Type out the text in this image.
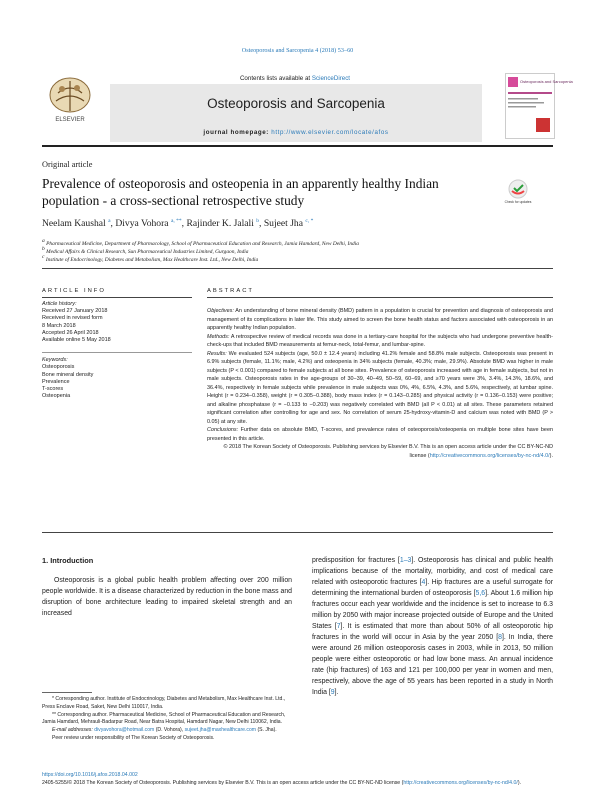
Osteoporosis and Sarcopenia 4 (2018) 53–60
ELSEVIER
Contents lists available at ScienceDirect
Osteoporosis and Sarcopenia
journal homepage: http://www.elsevier.com/locate/afos
Osteoporosis and Sarcopenia
Original article
Prevalence of osteoporosis and osteopenia in an apparently healthy Indian population - a cross-sectional retrospective study	Check for updates
Neelam Kaushal $^a$, Divya Vohora $^{a, **}$, Rajinder K. Jalali $^b$, Sujeet Jha $^{c, *}$
$^a$ Pharmaceutical Medicine, Department of Pharmacology, School of Pharmaceutical Education and Research, Jamia Hamdard, New Delhi, India
$^b$ Medical Affairs & Clinical Research, Sun Pharmaceutical Industries Limited, Gurgaon, India
$^c$ Institute of Endocrinology, Diabetes and Metabolism, Max Healthcare Inst. Ltd., New Delhi, India
ARTICLE INFO
Article history:
Received 27 January 2018
Received in revised form
8 March 2018
Accepted 26 April 2018
Available online 5 May 2018
Keywords:
Osteoporosis
Bone mineral density
Prevalence
T-scores
Osteopenia
ABSTRACT

Objectives: An understanding of bone mineral density (BMD) pattern in a population is crucial for prevention and diagnosis of osteoporosis and management of its complications in later life. This study aimed to screen the bone health status and factors associated with osteoporosis in an apparently healthy Indian population.

Methods: A retrospective review of medical records was done in a tertiary-care hospital for the subjects who had undergone preventive health-check-ups that included BMD measurements at femur-neck, total-femur, and lumbar-spine.

Results: We evaluated 524 subjects (age, 50.0 ± 12.4 years) including 41.2% female and 58.8% male subjects. Osteoporosis was present in 6.9% subjects (female, 11.1%; male, 4.2%) and osteopenia in 34% subjects (female, 40.3%; male, 29.9%). Absolute BMD was higher in male subjects (P < 0.001) compared to female subjects at all bone sites. Prevalence of osteoporosis increased with age in female subjects, but not in male subjects. Osteoporosis rates in the age-groups of 30−39, 40−49, 50−59, 60−69, and ≥70 years were 3%, 3.4%, 14.3%, 18.6%, and 36.4%, respectively in female subjects while prevalence in male subjects was 0%, 4%, 6.5%, 4.3%, and 5.6%, respectively, at lumbar spine. Height (r = 0.234−0.358), weight (r = 0.305−0.388), body mass index (r = 0.143−0.285) and physical activity (r = 0.136−0.153) were positive; and alkaline phosphatase (r = −0.133 to −0.203) was negatively correlated with BMD (all P < 0.01) at all sites. These parameters retained significant correlation after controlling for age and sex. No correlation of serum 25-hydroxy-vitamin-D and calcium was noted with BMD (P > 0.05) at any site.

Conclusions: Further data on absolute BMD, T-scores, and prevalence rates of osteoporosis/osteopenia on multiple bone sites have been presented in this article.

© 2018 The Korean Society of Osteoporosis. Publishing services by Elsevier B.V. This is an open access article under the CC BY-NC-ND license (http://creativecommons.org/licenses/by-nc-nd/4.0/).

1. Introduction

Osteoporosis is a global public health problem affecting over 200 million people worldwide. It is a disease characterized by reduction in the bone mass and disruption of bone architecture leading to impaired skeletal strength and an increased

predisposition for fractures [1–3]. Osteoporosis has clinical and public health implications because of the mortality, morbidity, and cost of medical care related with osteoporotic fractures [4]. Hip fractures are a useful surrogate for determining the international burden of osteoporosis [5,6]. About 1.6 million hip fractures occur each year worldwide and the incidence is set to increase to 6.3 million by 2050 with major increase projected outside of Europe and the United States [7]. It is estimated that more than about 50% of all osteoporotic hip fractures in the world will occur in Asia by the year 2050 [8]. In India, there were around 26 million osteoporosis cases in 2003, while in 2013, 50 million people were either osteoporotic or had low bone mass. An annual incidence rate (hip fractures) of 163 and 121 per 100,000 per year in women and men, respectively, above the age of 55 years has been reported in a study in North India [9].

* Corresponding author. Institute of Endocrinology, Diabetes and Metabolism, Max Healthcare Inst. Ltd., Press Enclave Road, Saket, New Delhi 110017, India.
** Corresponding author. Pharmaceutical Medicine, School of Pharmaceutical Education and Research, Jamia Hamdard, Mehrauli-Badarpur Road, Near Batra Hospital, Hamdard Nagar, New Delhi 110062, India.
E-mail addresses: divyavohora@hotmail.com (D. Vohora), sujeet.jha@maxhealthcare.com (S. Jha).
Peer review under responsibility of The Korean Society of Osteoporosis.
https://doi.org/10.1016/j.afos.2018.04.002
2405-5255/© 2018 The Korean Society of Osteoporosis. Publishing services by Elsevier B.V. This is an open access article under the CC BY-NC-ND license (http://creativecommons.org/licenses/by-nc-nd/4.0/).
